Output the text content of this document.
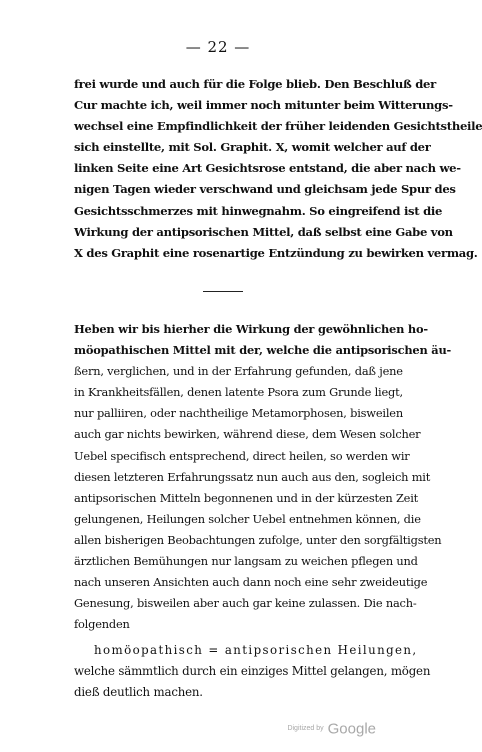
— 22 —
frei wurde und auch für die Folge blieb. Den Beschluß der
Cur machte ich, weil immer noch mitunter beim Witterungs-
wechsel eine Empfindlichkeit der früher leidenden Gesichtstheile
sich einstellte, mit Sol. Graphit. X, womit welcher auf der
linken Seite eine Art Gesichtsrose entstand, die aber nach we-
nigen Tagen wieder verschwand und gleichsam jede Spur des
Gesichtsschmerzes mit hinwegnahm. So eingreifend ist die
Wirkung der antipsorischen Mittel, daß selbst eine Gabe von
X des Graphit eine rosenartige Entzündung zu bewirken vermag.
Heben wir bis hierher die Wirkung der gewöhnlichen ho-
möopathischen Mittel mit der, welche die antipsorischen äu-
ßern, verglichen, und in der Erfahrung gefunden, daß jene
in Krankheitsfällen, denen latente Psora zum Grunde liegt,
nur palliiren, oder nachtheilige Metamorphosen, bisweilen
auch gar nichts bewirken, während diese, dem Wesen solcher
Uebel specifisch entsprechend, direct heilen, so werden wir
diesen letzteren Erfahrungssatz nun auch aus den, sogleich mit
antipsorischen Mitteln begonnenen und in der kürzesten Zeit
gelungenen, Heilungen solcher Uebel entnehmen können, die
allen bisherigen Beobachtungen zufolge, unter den sorgfältigsten
ärztlichen Bemühungen nur langsam zu weichen pflegen und
nach unseren Ansichten auch dann noch eine sehr zweideutige
Genesung, bisweilen aber auch gar keine zulassen. Die nach-
folgenden
homöopathisch = antipsorischen Heilungen,
welche sämmtlich durch ein einziges Mittel gelangen, mögen
dieß deutlich machen.
Digitized by Google
